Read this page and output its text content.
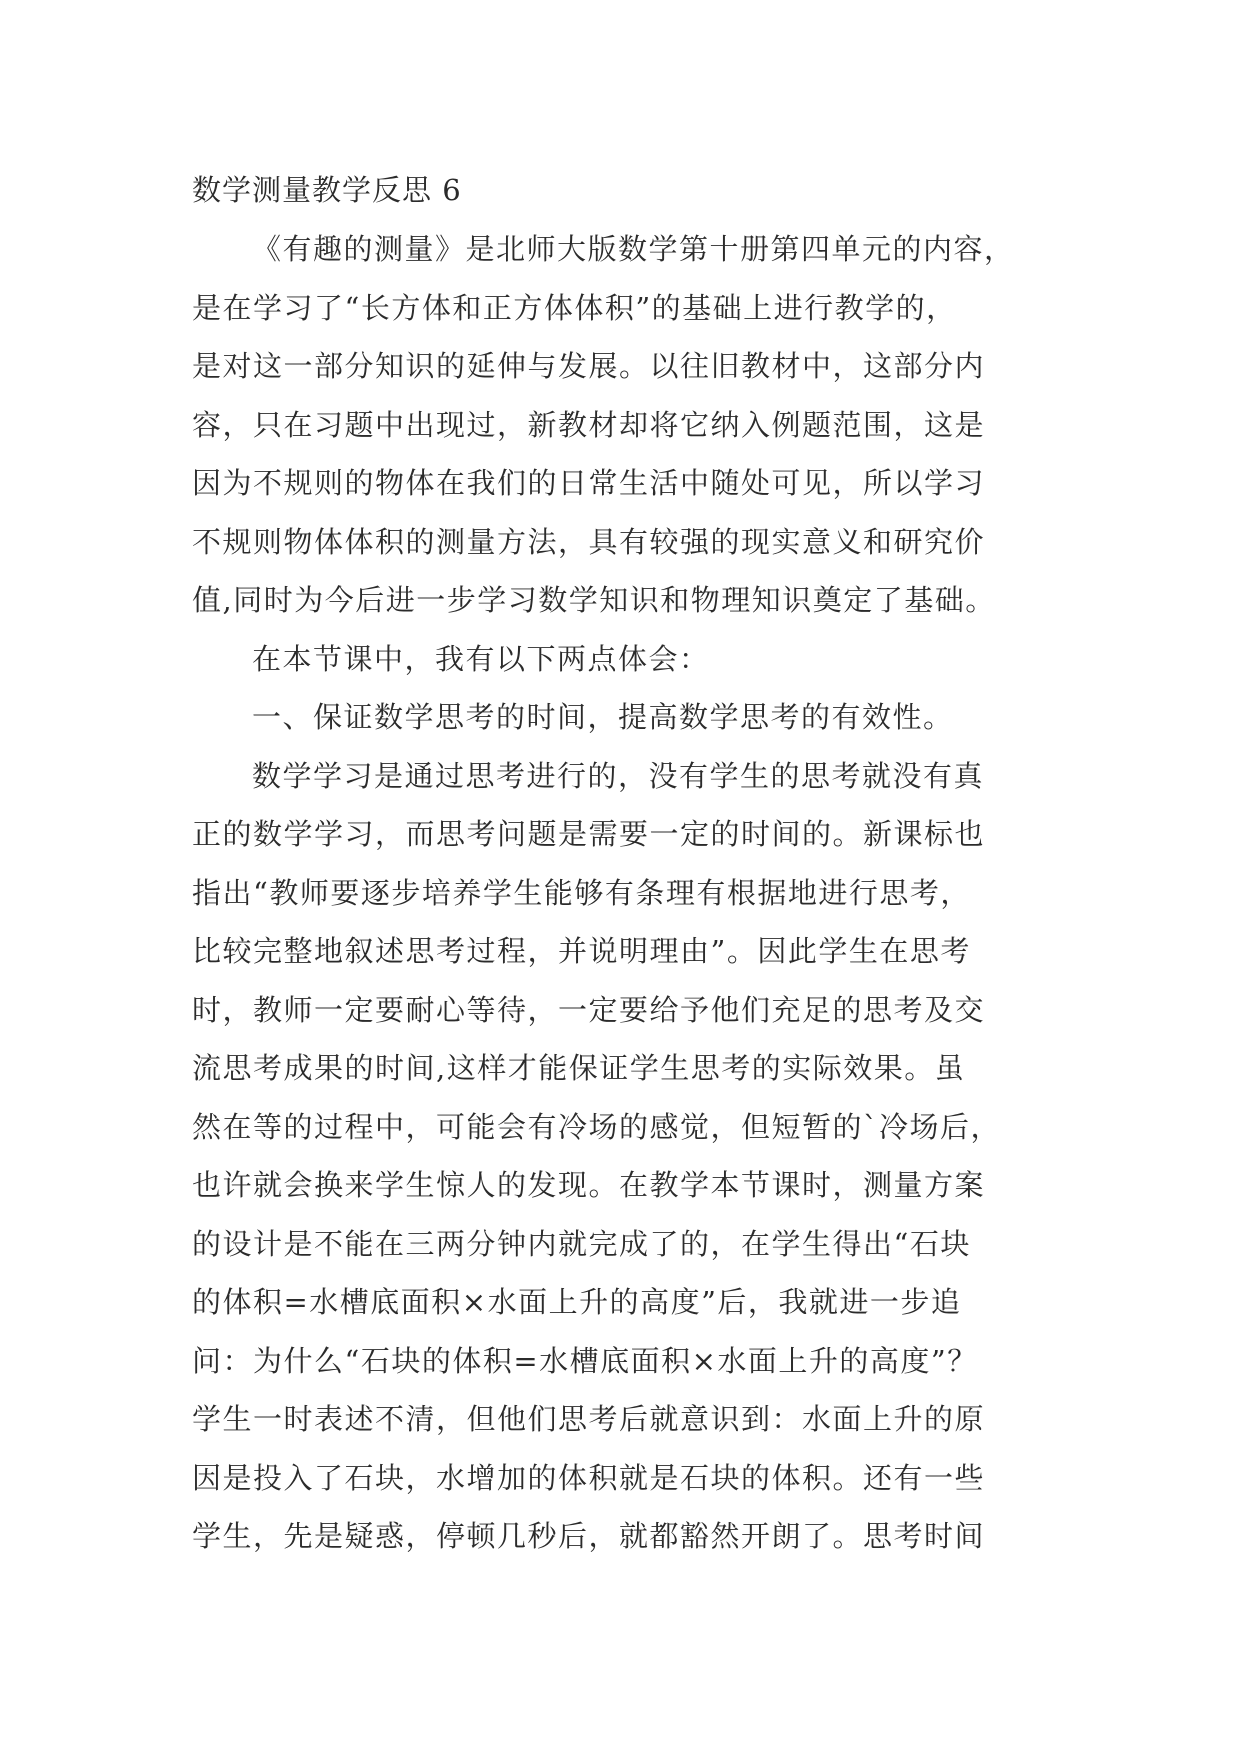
数学测量教学反思 6

《有趣的测量》是北师大版数学第十册第四单元的内容，
是在学习了“长方体和正方体体积”的基础上进行教学的，
是对这一部分知识的延伸与发展。以往旧教材中，这部分内
容，只在习题中出现过，新教材却将它纳入例题范围，这是
因为不规则的物体在我们的日常生活中随处可见，所以学习
不规则物体体积的测量方法，具有较强的现实意义和研究价
值,同时为今后进一步学习数学知识和物理知识奠定了基础。

在本节课中，我有以下两点体会：

一、保证数学思考的时间，提高数学思考的有效性。

数学学习是通过思考进行的，没有学生的思考就没有真
正的数学学习，而思考问题是需要一定的时间的。新课标也
指出“教师要逐步培养学生能够有条理有根据地进行思考，
比较完整地叙述思考过程，并说明理由”。因此学生在思考
时，教师一定要耐心等待，一定要给予他们充足的思考及交
流思考成果的时间,这样才能保证学生思考的实际效果。虽
然在等的过程中，可能会有冷场的感觉，但短暂的`冷场后，
也许就会换来学生惊人的发现。在教学本节课时，测量方案
的设计是不能在三两分钟内就完成了的，在学生得出“石块
的体积=水槽底面积×水面上升的高度”后，我就进一步追
问：为什么“石块的体积=水槽底面积×水面上升的高度”？
学生一时表述不清，但他们思考后就意识到：水面上升的原
因是投入了石块，水增加的体积就是石块的体积。还有一些
学生，先是疑惑，停顿几秒后，就都豁然开朗了。思考时间
